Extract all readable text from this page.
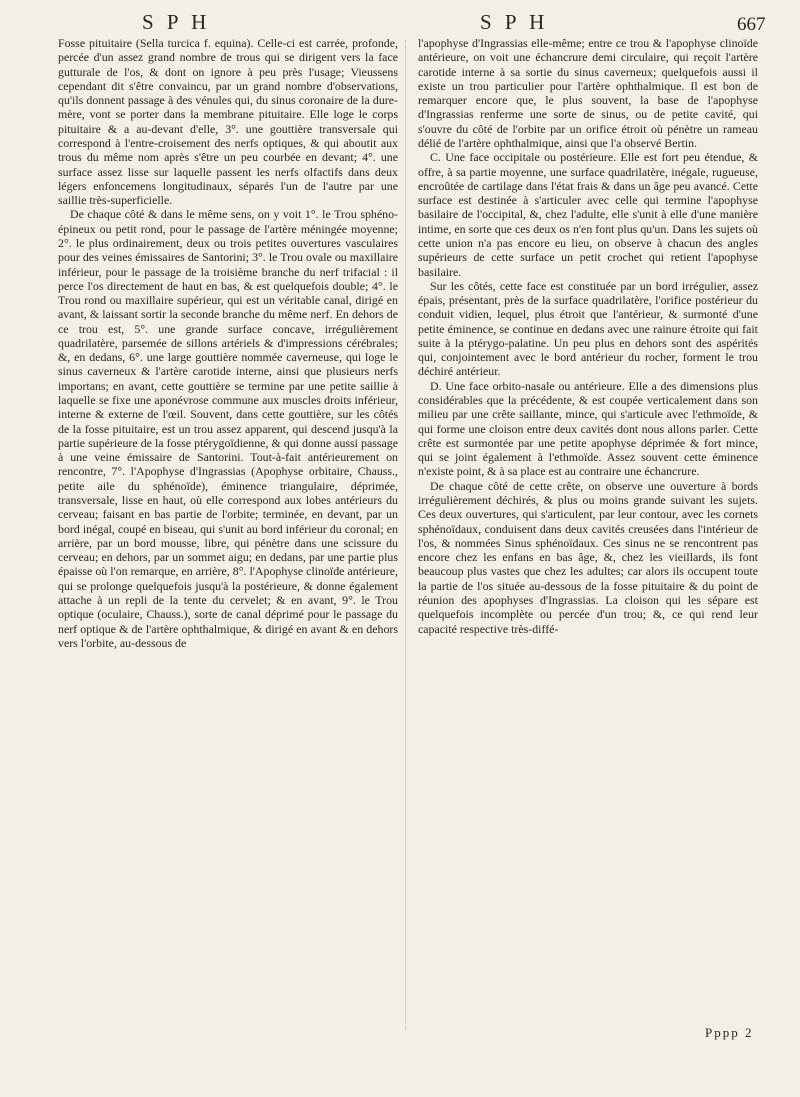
S P H	S P H	667

Fosse pituitaire (Sella turcica f. equina). Celle-ci est carrée, profonde, percée d'un assez grand nombre de trous qui se dirigent vers la face gutturale de l'os, & dont on ignore à peu près l'usage; Vieussens cependant dit s'être convaincu, par un grand nombre d'observations, qu'ils donnent passage à des vénules qui, du sinus coronaire de la dure-mère, vont se porter dans la membrane pituitaire. Elle loge le corps pituitaire & a au-devant d'elle, 3°. une gouttière transversale qui correspond à l'entre-croisement des nerfs optiques, & qui aboutit aux trous du même nom après s'être un peu courbée en devant; 4°. une surface assez lisse sur laquelle passent les nerfs olfactifs dans deux légers enfoncemens longitudinaux, séparés l'un de l'autre par une saillie très-superficielle.

De chaque côté & dans le même sens, on y voit 1°. le Trou sphéno-épineux ou petit rond, pour le passage de l'artère méningée moyenne; 2°. le plus ordinairement, deux ou trois petites ouvertures vasculaires pour des veines émissaires de Santorini; 3°. le Trou ovale ou maxillaire inférieur, pour le passage de la troisième branche du nerf trifacial : il perce l'os directement de haut en bas, & est quelquefois double; 4°. le Trou rond ou maxillaire supérieur, qui est un véritable canal, dirigé en avant, & laissant sortir la seconde branche du même nerf. En dehors de ce trou est, 5°. une grande surface concave, irrégulièrement quadrilatère, parsemée de sillons artériels & d'impressions cérébrales; &, en dedans, 6°. une large gouttière nommée caverneuse, qui loge le sinus caverneux & l'artère carotide interne, ainsi que plusieurs nerfs importans; en avant, cette gouttière se termine par une petite saillie à laquelle se fixe une aponévrose commune aux muscles droits inférieur, interne & externe de l'œil. Souvent, dans cette gouttière, sur les côtés de la fosse pituitaire, est un trou assez apparent, qui descend jusqu'à la partie supérieure de la fosse ptérygoïdienne, & qui donne aussi passage à une veine émissaire de Santorini. Tout-à-fait antérieurement on rencontre, 7°. l'Apophyse d'Ingrassias (Apophyse orbitaire, Chauss., petite aile du sphénoïde), éminence triangulaire, déprimée, transversale, lisse en haut, où elle correspond aux lobes antérieurs du cerveau; faisant en bas partie de l'orbite; terminée, en devant, par un bord inégal, coupé en biseau, qui s'unit au bord inférieur du coronal; en arrière, par un bord mousse, libre, qui pénètre dans une scissure du cerveau; en dehors, par un sommet aigu; en dedans, par une partie plus épaisse où l'on remarque, en arrière, 8°. l'Apophyse clinoïde antérieure, qui se prolonge quelquefois jusqu'à la postérieure, & donne également attache à un repli de la tente du cervelet; & en avant, 9°. le Trou optique (oculaire, Chauss.), sorte de canal déprimé pour le passage du nerf optique & de l'artère ophthalmique, & dirigé en avant & en dehors vers l'orbite, au-dessous de

l'apophyse d'Ingrassias elle-même; entre ce trou & l'apophyse clinoïde antérieure, on voit une échancrure demi circulaire, qui reçoit l'artère carotide interne à sa sortie du sinus caverneux; quelquefois aussi il existe un trou particulier pour l'artère ophthalmique. Il est bon de remarquer encore que, le plus souvent, la base de l'apophyse d'Ingrassias renferme une sorte de sinus, ou de petite cavité, qui s'ouvre du côté de l'orbite par un orifice étroit où pénètre un rameau délié de l'artère ophthalmique, ainsi que l'a observé Bertin.

C. Une face occipitale ou postérieure. Elle est fort peu étendue, & offre, à sa partie moyenne, une surface quadrilatère, inégale, rugueuse, encroûtée de cartilage dans l'état frais & dans un âge peu avancé. Cette surface est destinée à s'articuler avec celle qui termine l'apophyse basilaire de l'occipital, &, chez l'adulte, elle s'unit à elle d'une manière intime, en sorte que ces deux os n'en font plus qu'un. Dans les sujets où cette union n'a pas encore eu lieu, on observe à chacun des angles supérieurs de cette surface un petit crochet qui retient l'apophyse basilaire.

Sur les côtés, cette face est constituée par un bord irrégulier, assez épais, présentant, près de la surface quadrilatère, l'orifice postérieur du conduit vidien, lequel, plus étroit que l'antérieur, & surmonté d'une petite éminence, se continue en dedans avec une rainure étroite qui fait suite à la ptérygo-palatine. Un peu plus en dehors sont des aspérités qui, conjointement avec le bord antérieur du rocher, forment le trou déchiré antérieur.

D. Une face orbito-nasale ou antérieure. Elle a des dimensions plus considérables que la précédente, & est coupée verticalement dans son milieu par une crête saillante, mince, qui s'articule avec l'ethmoïde, & qui forme une cloison entre deux cavités dont nous allons parler. Cette crête est surmontée par une petite apophyse déprimée & fort mince, qui se joint également à l'ethmoïde. Assez souvent cette éminence n'existe point, & à sa place est au contraire une échancrure.

De chaque côté de cette crête, on observe une ouverture à bords irrégulièrement déchirés, & plus ou moins grande suivant les sujets. Ces deux ouvertures, qui s'articulent, par leur contour, avec les cornets sphénoïdaux, conduisent dans deux cavités creusées dans l'intérieur de l'os, & nommées Sinus sphénoïdaux. Ces sinus ne se rencontrent pas encore chez les enfans en bas âge, &, chez les vieillards, ils font beaucoup plus vastes que chez les adultes; car alors ils occupent toute la partie de l'os située au-dessous de la fosse pituitaire & du point de réunion des apophyses d'Ingrassias. La cloison qui les sépare est quelquefois incomplète ou percée d'un trou; &, ce qui rend leur capacité respective très-diffé-

Pppp 2
